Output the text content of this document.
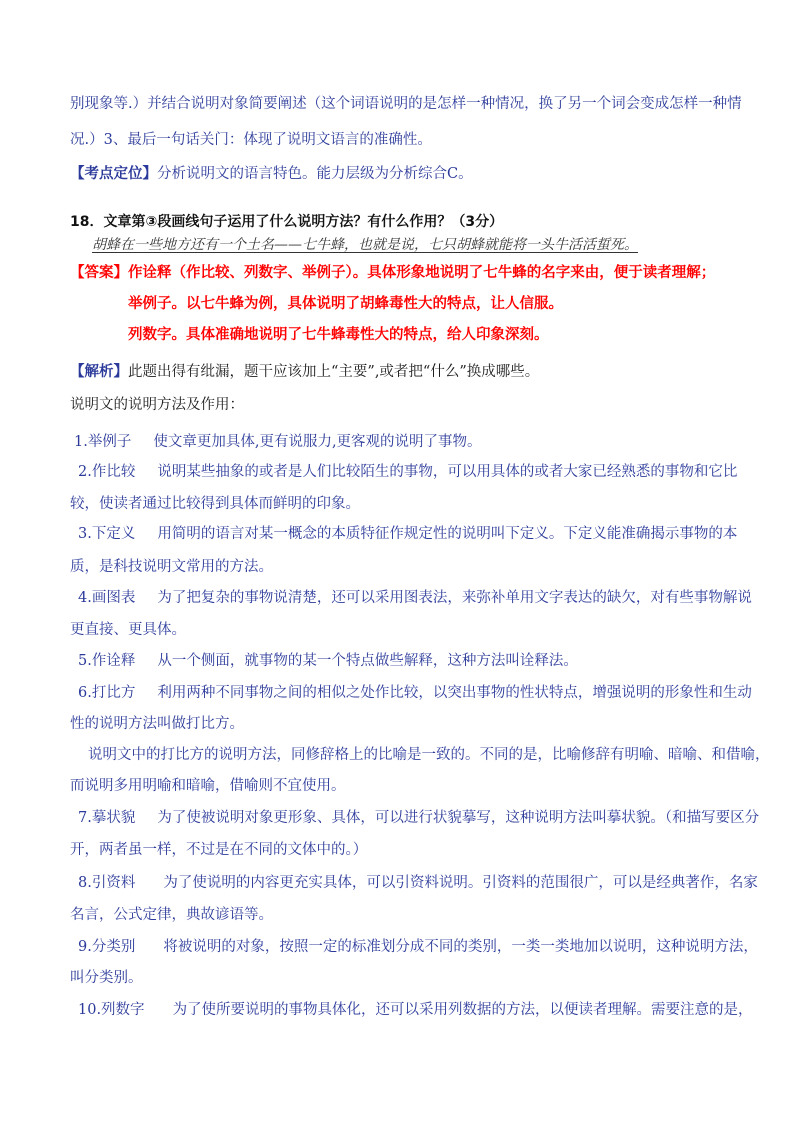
别现象等.）并结合说明对象简要阐述（这个词语说明的是怎样一种情况，换了另一个词会变成怎样一种情
况.）3、最后一句话关门：体现了说明文语言的准确性。
【考点定位】分析说明文的语言特色。能力层级为分析综合C。
18．文章第③段画线句子运用了什么说明方法？有什么作用？（3分）
胡蜂在一些地方还有一个土名——七牛蜂，也就是说，七只胡蜂就能将一头牛活活蜇死。
【答案】作诠释（作比较、列数字、举例子）。具体形象地说明了七牛蜂的名字来由，便于读者理解；
举例子。以七牛蜂为例，具体说明了胡蜂毒性大的特点，让人信服。
列数字。具体准确地说明了七牛蜂毒性大的特点，给人印象深刻。
【解析】此题出得有纰漏，题干应该加上“主要”,或者把“什么”换成哪些。
说明文的说明方法及作用：
1.举例子 使文章更加具体,更有说服力,更客观的说明了事物。
2.作比较 说明某些抽象的或者是人们比较陌生的事物，可以用具体的或者大家已经熟悉的事物和它比
较，使读者通过比较得到具体而鲜明的印象。
3.下定义 用简明的语言对某一概念的本质特征作规定性的说明叫下定义。下定义能准确揭示事物的本
质，是科技说明文常用的方法。
4.画图表 为了把复杂的事物说清楚，还可以采用图表法，来弥补单用文字表达的缺欠，对有些事物解说
更直接、更具体。
5.作诠释 从一个侧面，就事物的某一个特点做些解释，这种方法叫诠释法。
6.打比方 利用两种不同事物之间的相似之处作比较，以突出事物的性状特点，增强说明的形象性和生动
性的说明方法叫做打比方。
说明文中的打比方的说明方法，同修辞格上的比喻是一致的。不同的是，比喻修辞有明喻、暗喻、和借喻，
而说明多用明喻和暗喻，借喻则不宜使用。
7.摹状貌 为了使被说明对象更形象、具体，可以进行状貌摹写，这种说明方法叫摹状貌。（和描写要区分
开，两者虽一样，不过是在不同的文体中的。）
8.引资料 为了使说明的内容更充实具体，可以引资料说明。引资料的范围很广，可以是经典著作，名家
名言，公式定律，典故谚语等。
9.分类别 将被说明的对象，按照一定的标准划分成不同的类别，一类一类地加以说明，这种说明方法，
叫分类别。
10.列数字 为了使所要说明的事物具体化，还可以采用列数据的方法，以便读者理解。需要注意的是，
